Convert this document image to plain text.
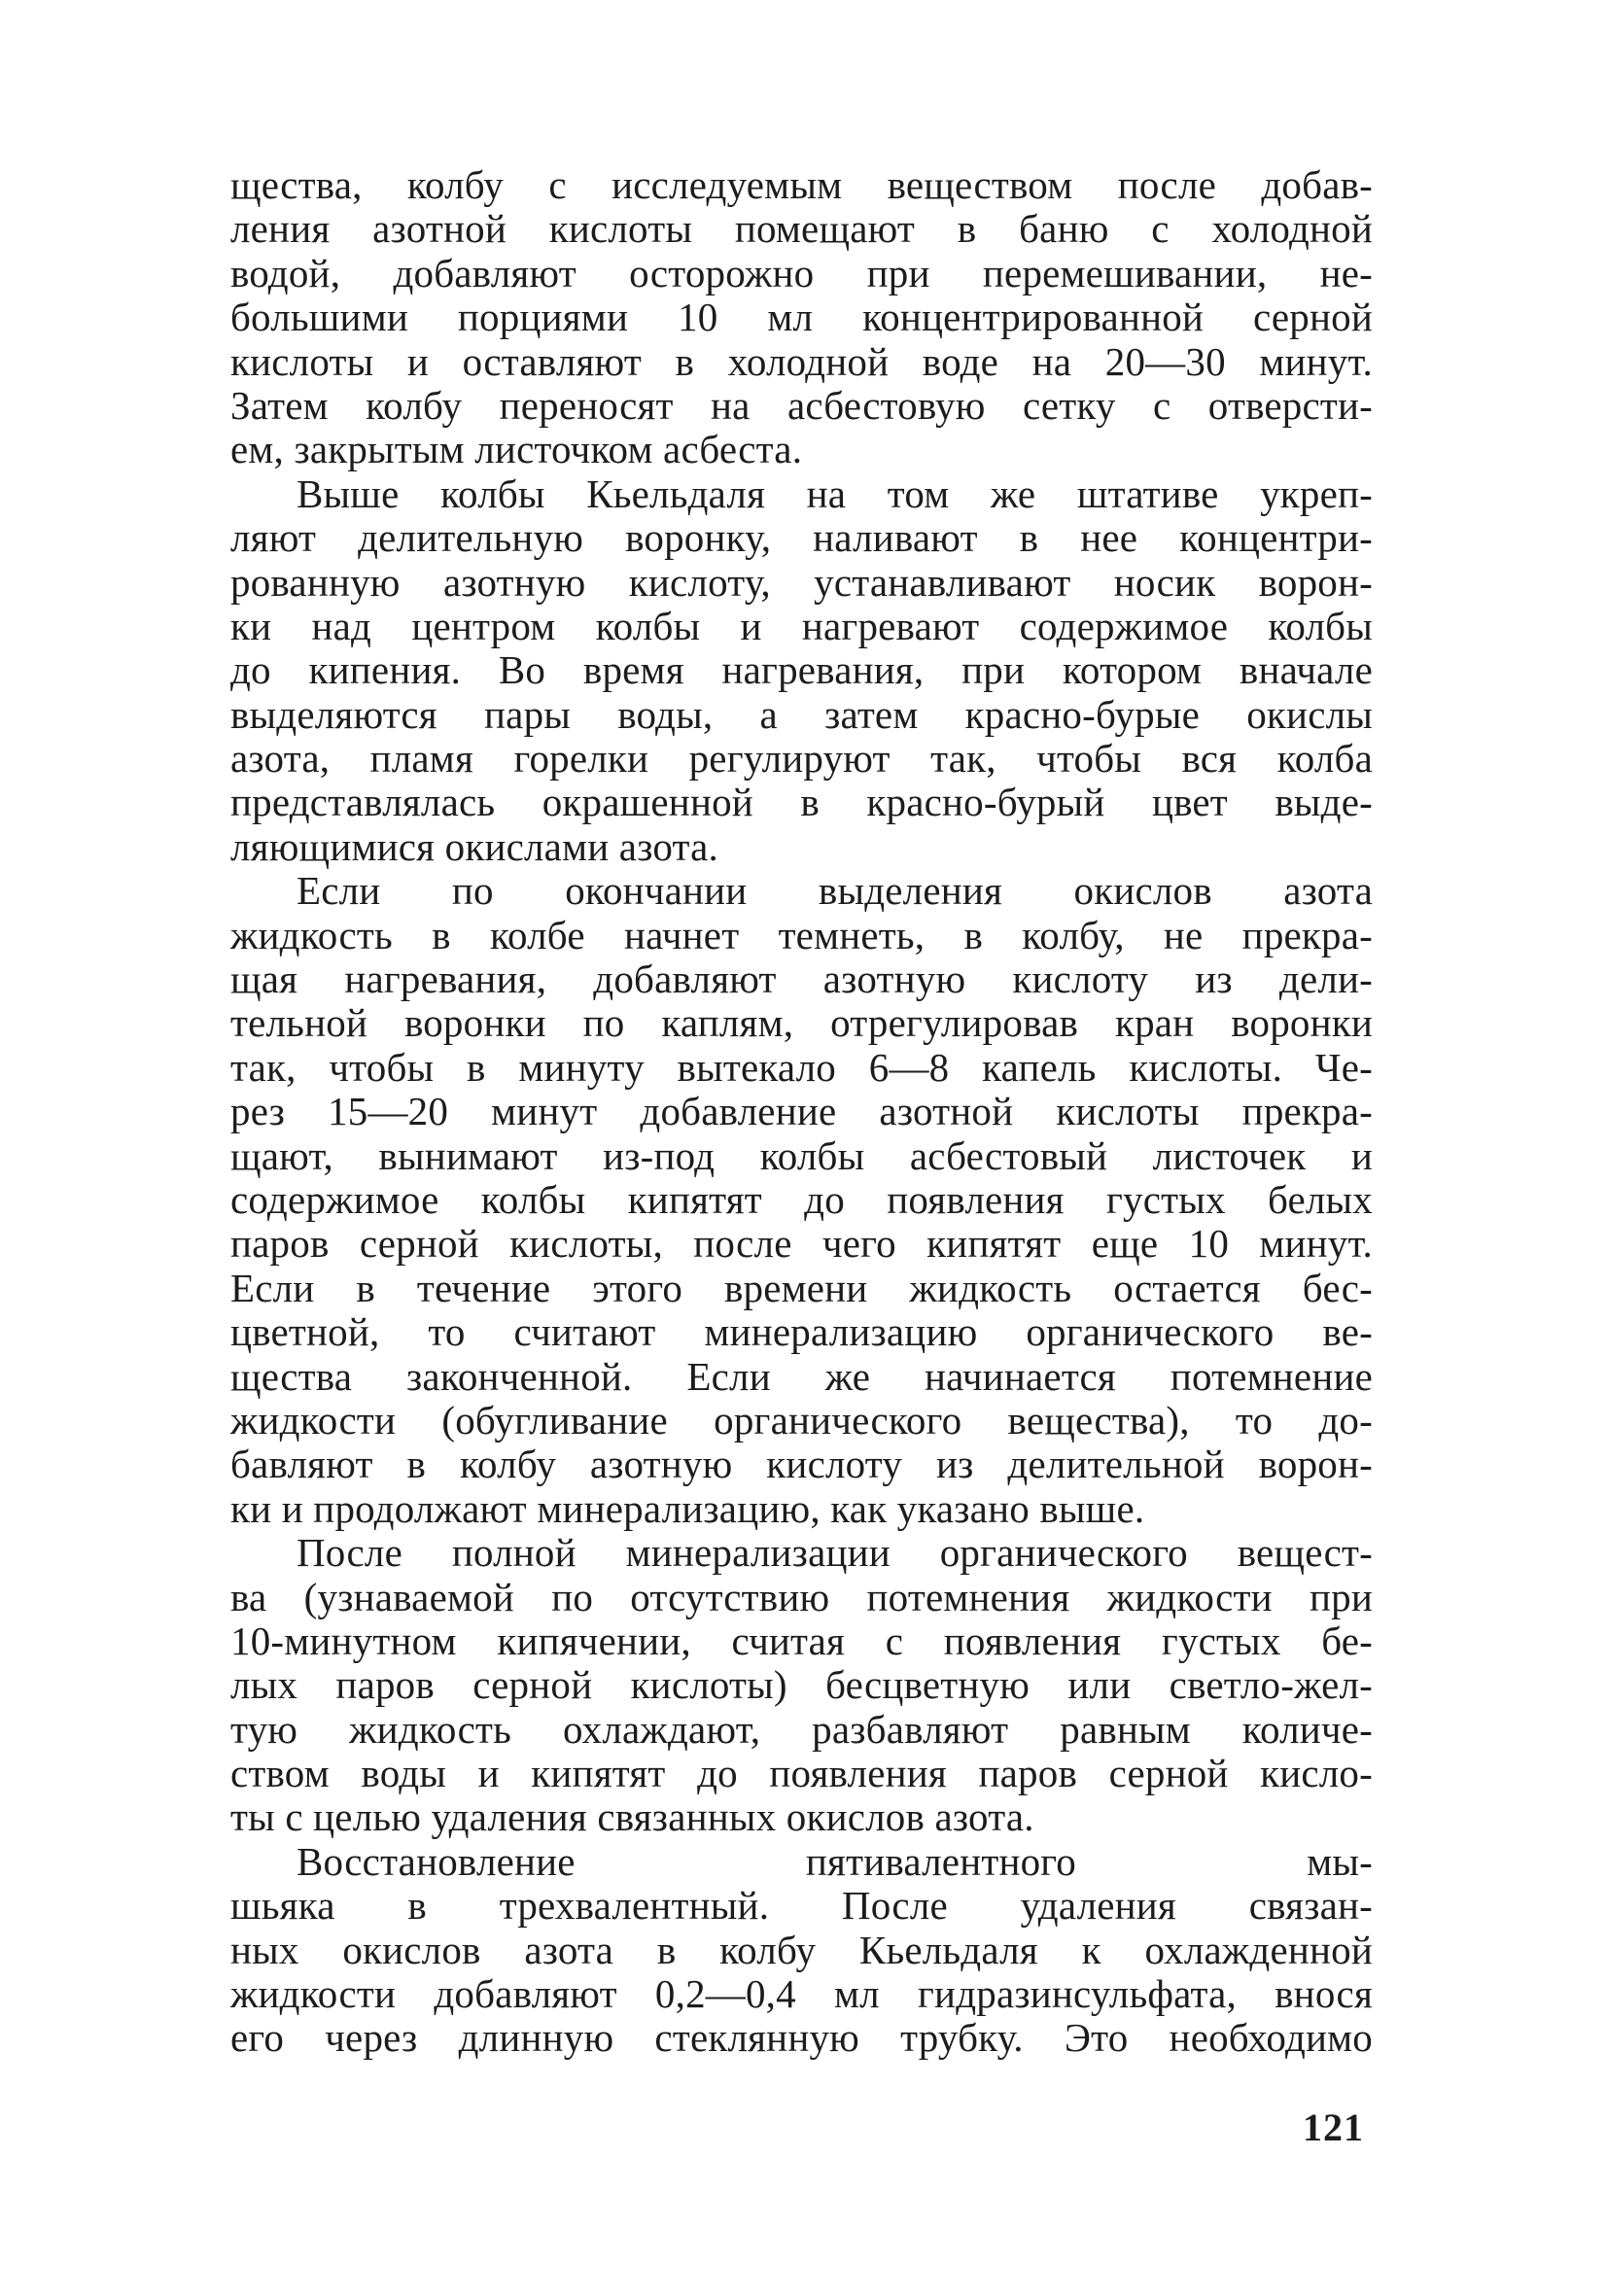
щества, колбу с исследуемым веществом после добав-
ления азотной кислоты помещают в баню с холодной
водой, добавляют осторожно при перемешивании, не-
большими порциями 10 мл концентрированной серной
кислоты и оставляют в холодной воде на 20—30 минут.
Затем колбу переносят на асбестовую сетку с отверсти-
ем, закрытым листочком асбеста.
Выше колбы Кьельдаля на том же штативе укреп-
ляют делительную воронку, наливают в нее концентри-
рованную азотную кислоту, устанавливают носик ворон-
ки над центром колбы и нагревают содержимое колбы
до кипения. Во время нагревания, при котором вначале
выделяются пары воды, а затем красно-бурые окислы
азота, пламя горелки регулируют так, чтобы вся колба
представлялась окрашенной в красно-бурый цвет выде-
ляющимися окислами азота.
Если по окончании выделения окислов азота
жидкость в колбе начнет темнеть, в колбу, не прекра-
щая нагревания, добавляют азотную кислоту из дели-
тельной воронки по каплям, отрегулировав кран воронки
так, чтобы в минуту вытекало 6—8 капель кислоты. Че-
рез 15—20 минут добавление азотной кислоты прекра-
щают, вынимают из-под колбы асбестовый листочек и
содержимое колбы кипятят до появления густых белых
паров серной кислоты, после чего кипятят еще 10 минут.
Если в течение этого времени жидкость остается бес-
цветной, то считают минерализацию органического ве-
щества законченной. Если же начинается потемнение
жидкости (обугливание органического вещества), то до-
бавляют в колбу азотную кислоту из делительной ворон-
ки и продолжают минерализацию, как указано выше.
После полной минерализации органического вещест-
ва (узнаваемой по отсутствию потемнения жидкости при
10-минутном кипячении, считая с появления густых бе-
лых паров серной кислоты) бесцветную или светло-жел-
тую жидкость охлаждают, разбавляют равным количе-
ством воды и кипятят до появления паров серной кисло-
ты с целью удаления связанных окислов азота.
Восстановление пятивалентного мы-
шьяка в трехвалентный. После удаления связан-
ных окислов азота в колбу Кьельдаля к охлажденной
жидкости добавляют 0,2—0,4 мл гидразинсульфата, внося
его через длинную стеклянную трубку. Это необходимо
121
